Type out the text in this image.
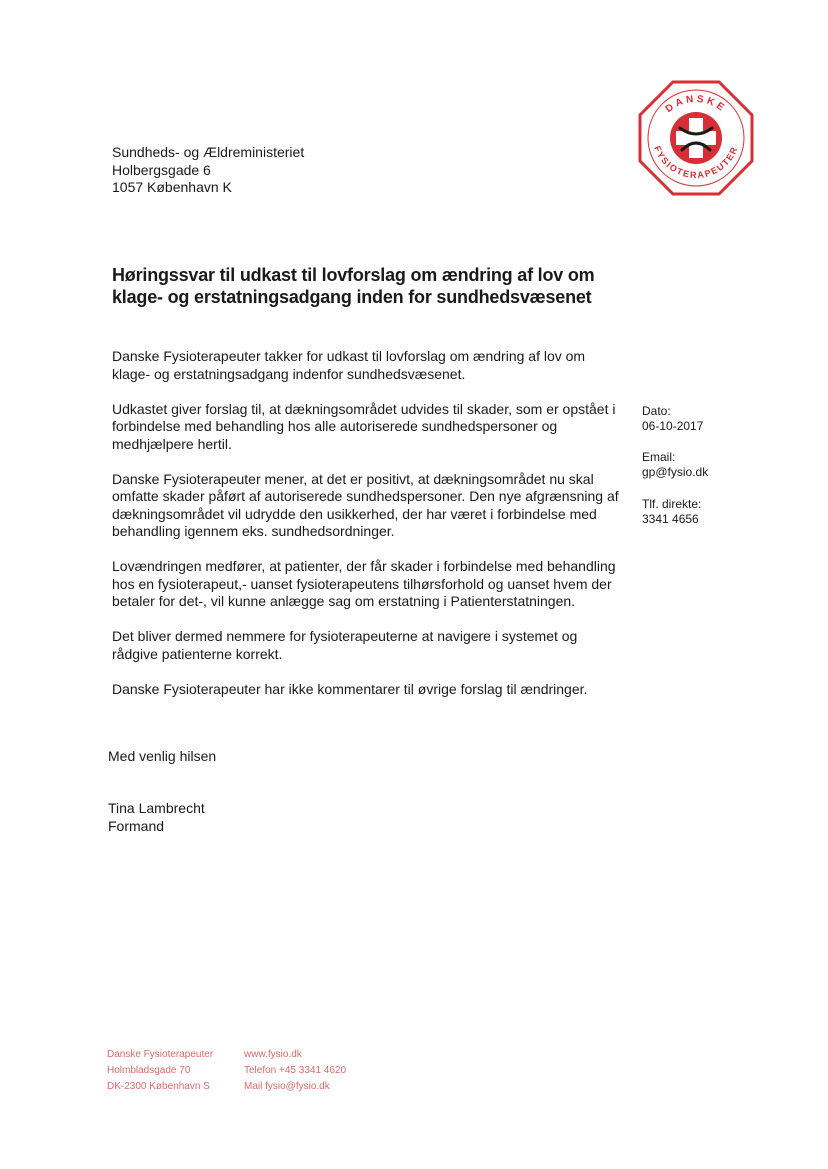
DANSKE
FYSIOTERAPEUTER
Sundheds- og Ældreministeriet
Holbergsgade 6
1057 København K
Høringssvar til udkast til lovforslag om ændring af lov om klage- og erstatningsadgang inden for sundhedsvæsenet

Danske Fysioterapeuter takker for udkast til lovforslag om ændring af lov om klage- og erstatningsadgang indenfor sundhedsvæsenet.

Udkastet giver forslag til, at dækningsområdet udvides til skader, som er opstået i forbindelse med behandling hos alle autoriserede sundhedspersoner og medhjælpere hertil.

Danske Fysioterapeuter mener, at det er positivt, at dækningsområdet nu skal omfatte skader påført af autoriserede sundhedspersoner. Den nye afgrænsning af dækningsområdet vil udrydde den usikkerhed, der har været i forbindelse med behandling igennem eks. sundhedsordninger.

Lovændringen medfører, at patienter, der får skader i forbindelse med behandling hos en fysioterapeut,- uanset fysioterapeutens tilhørsforhold og uanset hvem der betaler for det-, vil kunne anlægge sag om erstatning i Patienterstatningen.

Det bliver dermed nemmere for fysioterapeuterne at navigere i systemet og rådgive patienterne korrekt.

Danske Fysioterapeuter har ikke kommentarer til øvrige forslag til ændringer.

Dato:
06-10-2017
Email:
gp@fysio.dk
Tlf. direkte:
3341 4656
Med venlig hilsen
Tina Lambrecht
Formand
Danske Fysioterapeuter
Holmbladsgade 70
DK-2300 København S
www.fysio.dk
Telefon +45 3341 4620
Mail fysio@fysio.dk
